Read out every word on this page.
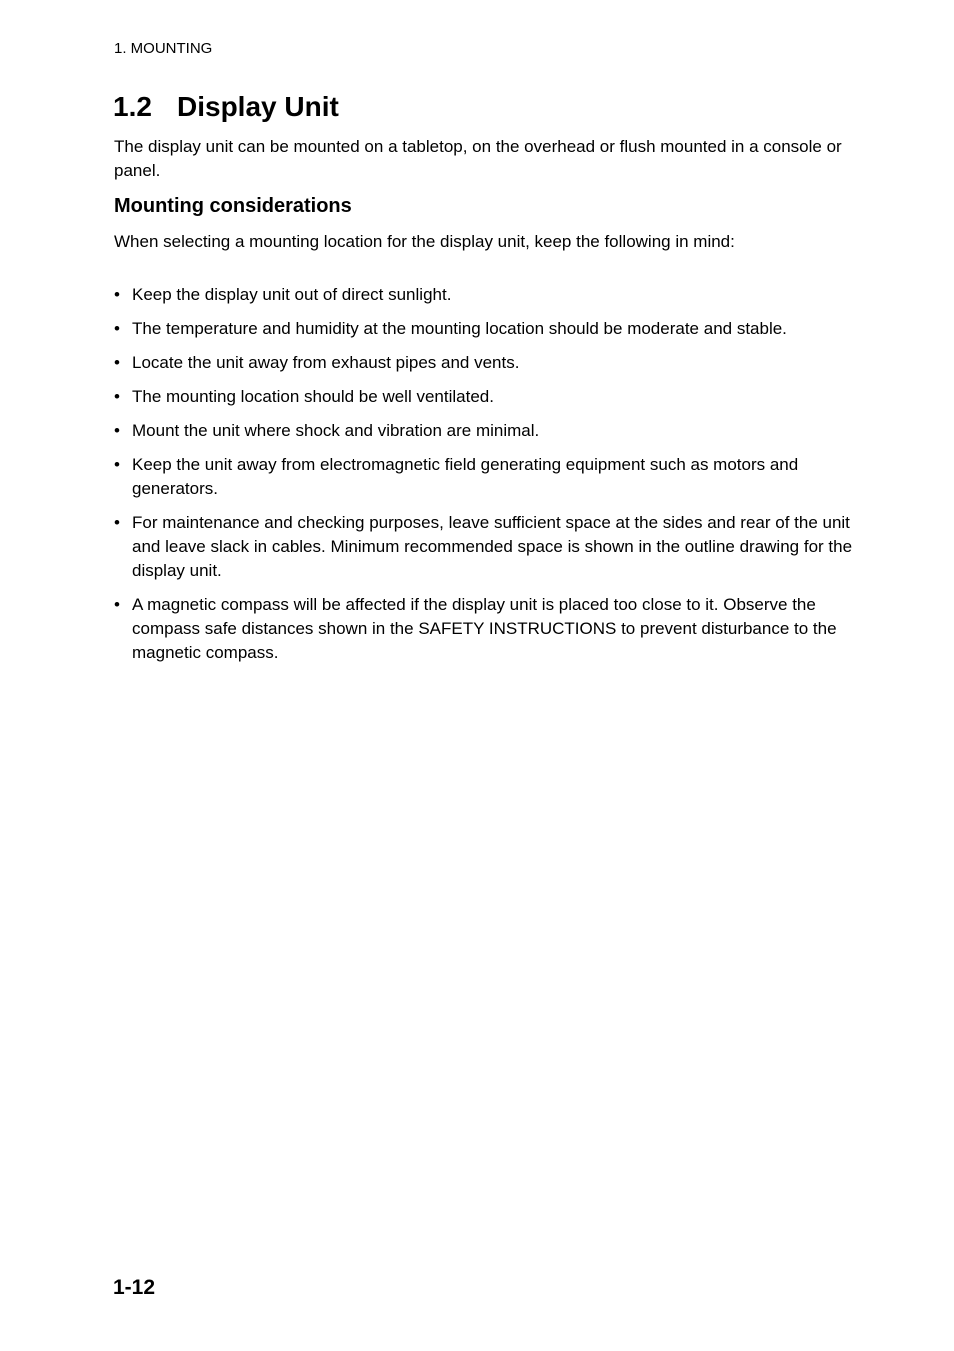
1. MOUNTING
1.2 Display Unit

The display unit can be mounted on a tabletop, on the overhead or flush mounted in a console or panel.

Mounting considerations

When selecting a mounting location for the display unit, keep the following in mind:

• Keep the display unit out of direct sunlight.
• The temperature and humidity at the mounting location should be moderate and stable.
• Locate the unit away from exhaust pipes and vents.
• The mounting location should be well ventilated.
• Mount the unit where shock and vibration are minimal.
• Keep the unit away from electromagnetic field generating equipment such as motors and generators.
• For maintenance and checking purposes, leave sufficient space at the sides and rear of the unit and leave slack in cables. Minimum recommended space is shown in the outline drawing for the display unit.
• A magnetic compass will be affected if the display unit is placed too close to it. Observe the compass safe distances shown in the SAFETY INSTRUCTIONS to prevent disturbance to the magnetic compass.
1-12
